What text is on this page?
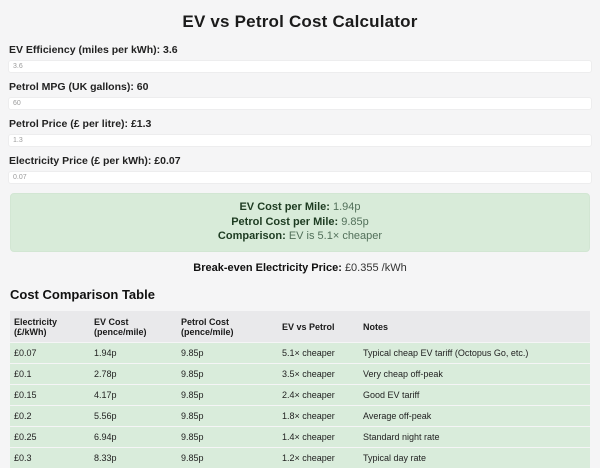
EV vs Petrol Cost Calculator
EV Efficiency (miles per kWh): 3.6
3.6
Petrol MPG (UK gallons): 60
60
Petrol Price (£ per litre): £1.3
1.3
Electricity Price (£ per kWh): £0.07
0.07
EV Cost per Mile: 1.94p
Petrol Cost per Mile: 9.85p
Comparison: EV is 5.1× cheaper
Break-even Electricity Price: £0.355 /kWh
Cost Comparison Table
Electricity (£/kWh)	EV Cost (pence/mile)	Petrol Cost (pence/mile)	EV vs Petrol	Notes
£0.07	1.94p	9.85p	5.1× cheaper	Typical cheap EV tariff (Octopus Go, etc.)
£0.1	2.78p	9.85p	3.5× cheaper	Very cheap off-peak
£0.15	4.17p	9.85p	2.4× cheaper	Good EV tariff
£0.2	5.56p	9.85p	1.8× cheaper	Average off-peak
£0.25	6.94p	9.85p	1.4× cheaper	Standard night rate
£0.3	8.33p	9.85p	1.2× cheaper	Typical day rate
